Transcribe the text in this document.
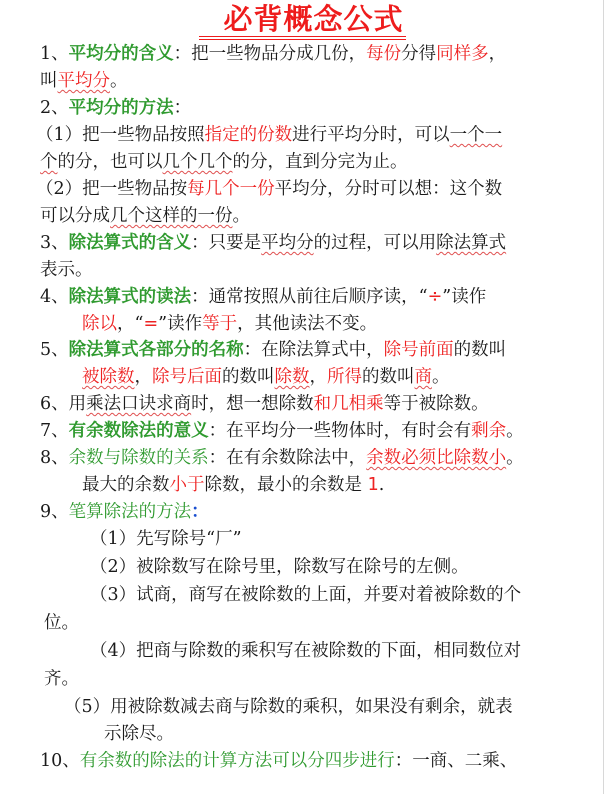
必背概念公式
1、平均分的含义：把一些物品分成几份，每份分得同样多，
叫平均分。
2、平均分的方法：
（1）把一些物品按照指定的份数进行平均分时，可以一个一
个的分，也可以几个几个的分，直到分完为止。
（2）把一些物品按每几个一份平均分，分时可以想：这个数
可以分成几个这样的一份。
3、除法算式的含义：只要是平均分的过程，可以用除法算式
表示。
4、除法算式的读法：通常按照从前往后顺序读，“÷”读作
除以，“=”读作等于，其他读法不变。
5、除法算式各部分的名称：在除法算式中，除号前面的数叫
被除数，除号后面的数叫除数，所得的数叫商。
6、用乘法口诀求商时，想一想除数和几相乘等于被除数。
7、有余数除法的意义：在平均分一些物体时，有时会有剩余。
8、余数与除数的关系：在有余数除法中，余数必须比除数小。
最大的余数小于除数，最小的余数是 1.
9、笔算除法的方法：
（1）先写除号“厂”
（2）被除数写在除号里，除数写在除号的左侧。
（3）试商，商写在被除数的上面，并要对着被除数的个
位。
（4）把商与除数的乘积写在被除数的下面，相同数位对
齐。
（5）用被除数减去商与除数的乘积，如果没有剩余，就表
示除尽。
10、有余数的除法的计算方法可以分四步进行：一商、二乘、
